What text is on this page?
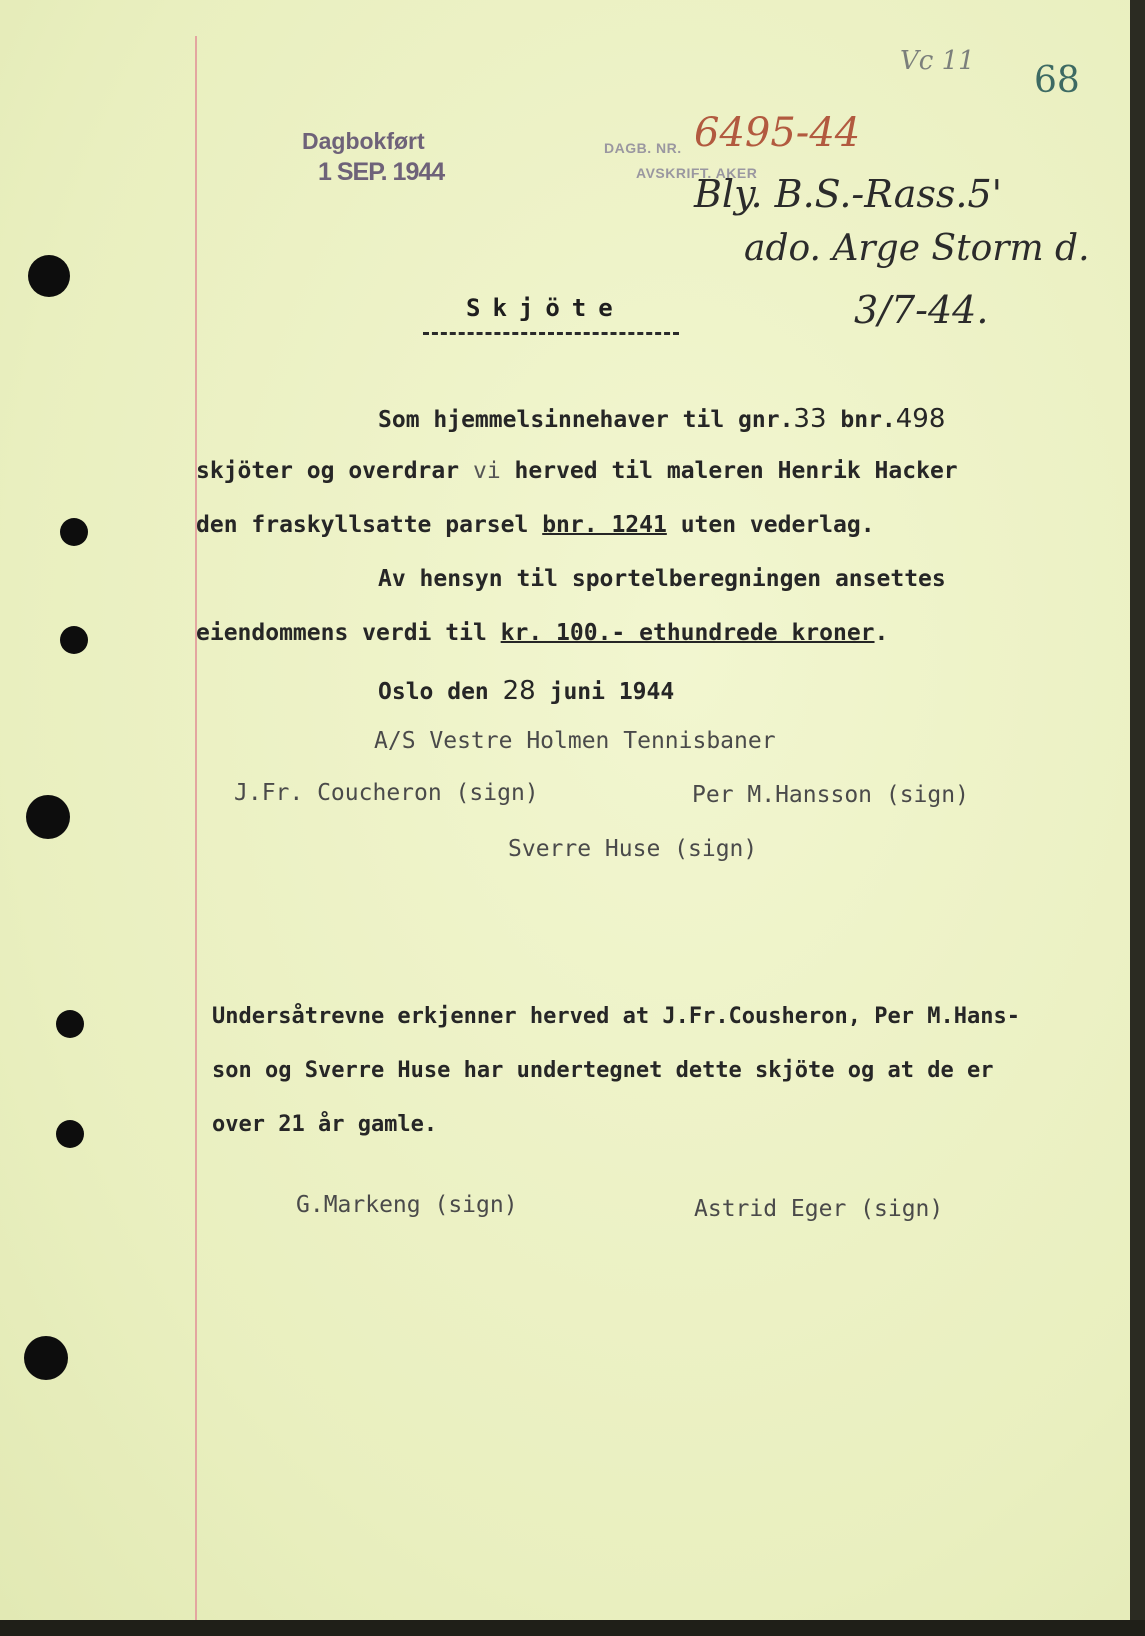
Vc 11 68
Dagbokført
1 SEP. 1944
DAGB. NR.
AVSKRIFT. AKER
6495-44
Bly. B.S.-Rass.5'
ado. Arge Storm d.
3/7-44.
Skjöte
Som hjemmelsinnehaver til gnr.33 bnr.498
skjöter og overdrar vi herved til maleren Henrik Hacker
den fraskyllsatte parsel bnr. 1241 uten vederlag.
Av hensyn til sportelberegningen ansettes
eiendommens verdi til kr. 100.- ethundrede kroner.
Oslo den 28 juni 1944
A/S Vestre Holmen Tennisbaner
J.Fr. Coucheron (sign)	Per M.Hansson (sign)
Sverre Huse (sign)
Undersåtrevne erkjenner herved at J.Fr.Cousheron, Per M.Hans-
son og Sverre Huse har undertegnet dette skjöte og at de er
over 21 år gamle.
G.Markeng (sign)	Astrid Eger (sign)
